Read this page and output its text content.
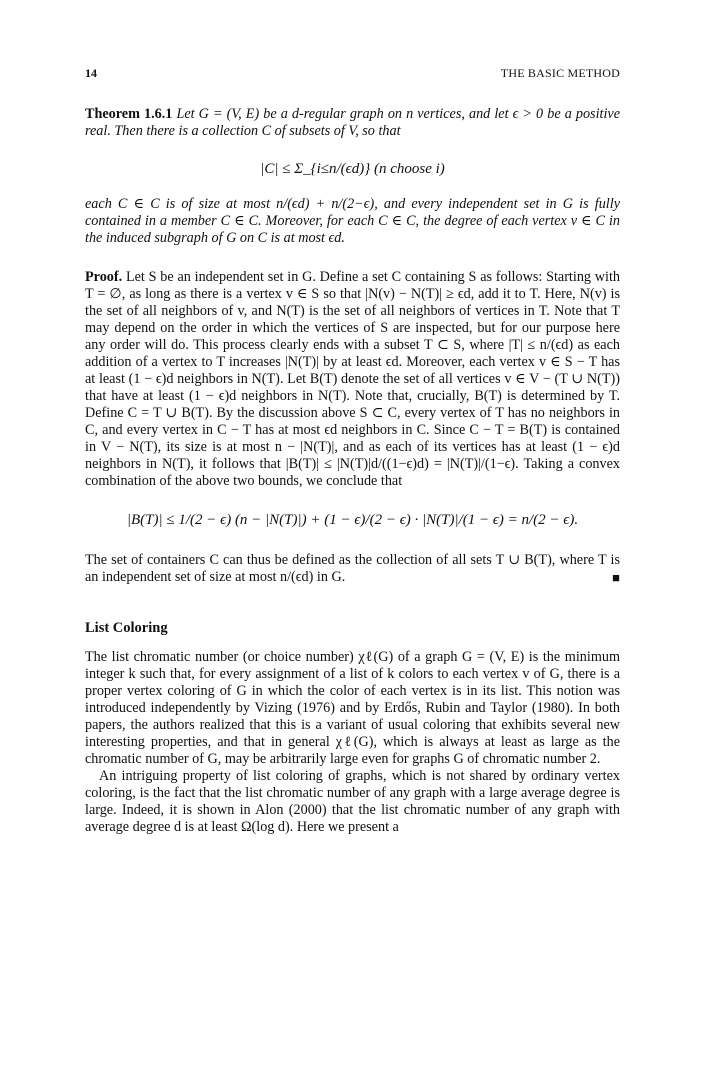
14	THE BASIC METHOD

Theorem 1.6.1 Let G = (V, E) be a d-regular graph on n vertices, and let ϵ > 0 be a positive real. Then there is a collection C of subsets of V, so that

|C| ≤ Σ_{i≤n/(ϵd)} (n choose i)

each C ∈ C is of size at most n/(ϵd) + n/(2−ϵ), and every independent set in G is fully contained in a member C ∈ C. Moreover, for each C ∈ C, the degree of each vertex v ∈ C in the induced subgraph of G on C is at most ϵd.

Proof. Let S be an independent set in G. Define a set C containing S as follows: Starting with T = ∅, as long as there is a vertex v ∈ S so that |N(v) − N(T)| ≥ ϵd, add it to T. Here, N(v) is the set of all neighbors of v, and N(T) is the set of all neighbors of vertices in T. Note that T may depend on the order in which the vertices of S are inspected, but for our purpose here any order will do. This process clearly ends with a subset T ⊂ S, where |T| ≤ n/(ϵd) as each addition of a vertex to T increases |N(T)| by at least ϵd. Moreover, each vertex v ∈ S − T has at least (1 − ϵ)d neighbors in N(T). Let B(T) denote the set of all vertices v ∈ V − (T ∪ N(T)) that have at least (1 − ϵ)d neighbors in N(T). Note that, crucially, B(T) is determined by T. Define C = T ∪ B(T). By the discussion above S ⊂ C, every vertex of T has no neighbors in C, and every vertex in C − T has at most ϵd neighbors in C. Since C − T = B(T) is contained in V − N(T), its size is at most n − |N(T)|, and as each of its vertices has at least (1 − ϵ)d neighbors in N(T), it follows that |B(T)| ≤ |N(T)|d/((1−ϵ)d) = |N(T)|/(1−ϵ). Taking a convex combination of the above two bounds, we conclude that

|B(T)| ≤ 1/(2 − ϵ) (n − |N(T)|) + (1 − ϵ)/(2 − ϵ) · |N(T)|/(1 − ϵ) = n/(2 − ϵ).

The set of containers C can thus be defined as the collection of all sets T ∪ B(T), where T is an independent set of size at most n/(ϵd) in G.	■

List Coloring

The list chromatic number (or choice number) χℓ(G) of a graph G = (V, E) is the minimum integer k such that, for every assignment of a list of k colors to each vertex v of G, there is a proper vertex coloring of G in which the color of each vertex is in its list. This notion was introduced independently by Vizing (1976) and by Erdős, Rubin and Taylor (1980). In both papers, the authors realized that this is a variant of usual coloring that exhibits several new interesting properties, and that in general χℓ(G), which is always at least as large as the chromatic number of G, may be arbitrarily large even for graphs G of chromatic number 2.

An intriguing property of list coloring of graphs, which is not shared by ordinary vertex coloring, is the fact that the list chromatic number of any graph with a large average degree is large. Indeed, it is shown in Alon (2000) that the list chromatic number of any graph with average degree d is at least Ω(log d). Here we present a
